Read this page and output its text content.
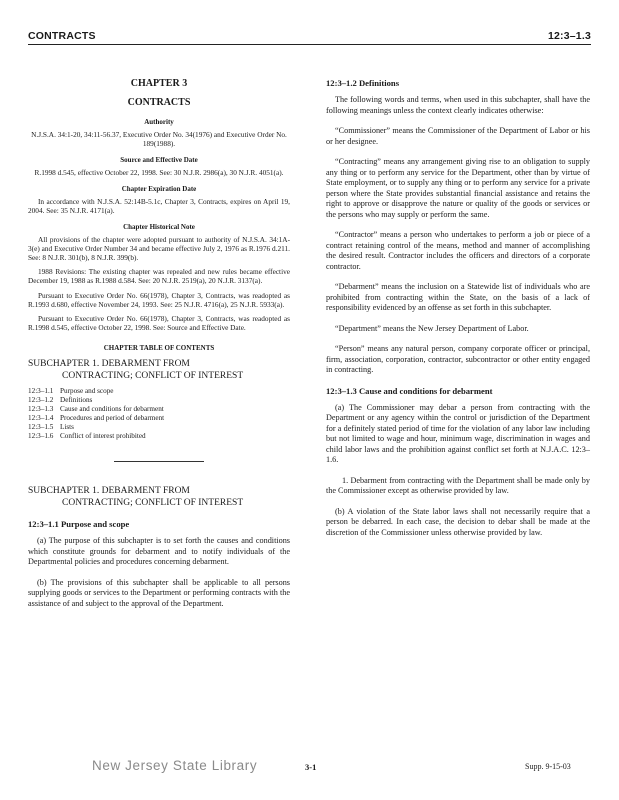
CONTRACTS	12:3–1.3
CHAPTER 3
CONTRACTS
Authority
N.J.S.A. 34:1-20, 34:11-56.37, Executive Order No. 34(1976) and Executive Order No. 189(1988).
Source and Effective Date
R.1998 d.545, effective October 22, 1998. See: 30 N.J.R. 2986(a), 30 N.J.R. 4051(a).
Chapter Expiration Date

In accordance with N.J.S.A. 52:14B-5.1c, Chapter 3, Contracts, expires on April 19, 2004. See: 35 N.J.R. 4171(a).

Chapter Historical Note

All provisions of the chapter were adopted pursuant to authority of N.J.S.A. 34:1A-3(e) and Executive Order Number 34 and became effective July 2, 1976 as R.1976 d.211. See: 8 N.J.R. 301(b), 8 N.J.R. 399(b).

1988 Revisions: The existing chapter was repealed and new rules became effective December 19, 1988 as R.1988 d.584. See: 20 N.J.R. 2519(a), 20 N.J.R. 3137(a).

Pursuant to Executive Order No. 66(1978), Chapter 3, Contracts, was readopted as R.1993 d.680, effective November 24, 1993. See: 25 N.J.R. 4716(a), 25 N.J.R. 5933(a).

Pursuant to Executive Order No. 66(1978), Chapter 3, Contracts, was readopted as R.1998 d.545, effective October 22, 1998. See: Source and Effective Date.

CHAPTER TABLE OF CONTENTS
SUBCHAPTER 1. DEBARMENT FROM
CONTRACTING; CONFLICT OF INTEREST
12:3–1.1 Purpose and scope
12:3–1.2 Definitions
12:3–1.3 Cause and conditions for debarment
12:3–1.4 Procedures and period of debarment
12:3–1.5 Lists
12:3–1.6 Conflict of interest prohibited
SUBCHAPTER 1. DEBARMENT FROM
CONTRACTING; CONFLICT OF INTEREST
12:3–1.1 Purpose and scope

(a) The purpose of this subchapter is to set forth the causes and conditions which constitute grounds for debarment and to notify individuals of the Departmental policies and procedures concerning debarment.

(b) The provisions of this subchapter shall be applicable to all persons supplying goods or services to the Department or performing contracts with the assistance of and subject to the approval of the Department.

12:3–1.2 Definitions

The following words and terms, when used in this subchapter, shall have the following meanings unless the context clearly indicates otherwise:

“Commissioner” means the Commissioner of the Department of Labor or his or her designee.

“Contracting” means any arrangement giving rise to an obligation to supply any thing or to perform any service for the Department, other than by virtue of State employment, or to supply any thing or to perform any service for a private person where the State provides substantial financial assistance and retains the right to approve or disapprove the nature or quality of the goods or services or the persons who may supply or perform the same.

“Contractor” means a person who undertakes to perform a job or piece of a contract retaining control of the means, method and manner of accomplishing the desired result. Contractor includes the officers and directors of a corporate contractor.

“Debarment” means the inclusion on a Statewide list of individuals who are prohibited from contracting within the State, on the basis of a lack of responsibility evidenced by an offense as set forth in this subchapter.

“Department” means the New Jersey Department of Labor.

“Person” means any natural person, company corporate officer or principal, firm, association, corporation, contractor, subcontractor or other entity engaged in contracting.

12:3–1.3 Cause and conditions for debarment

(a) The Commissioner may debar a person from contracting with the Department or any agency within the control or jurisdiction of the Department for a definitely stated period of time for the violation of any labor law including but not limited to wage and hour, minimum wage, discrimination in wages and child labor laws and the prohibition against conflict set forth at N.J.A.C. 12:3–1.6.

1. Debarment from contracting with the Department shall be made only by the Commissioner except as otherwise provided by law.

(b) A violation of the State labor laws shall not necessarily require that a person be debarred. In each case, the decision to debar shall be made at the discretion of the Commissioner unless otherwise provided by law.

New Jersey State Library	3-1	Supp. 9-15-03
